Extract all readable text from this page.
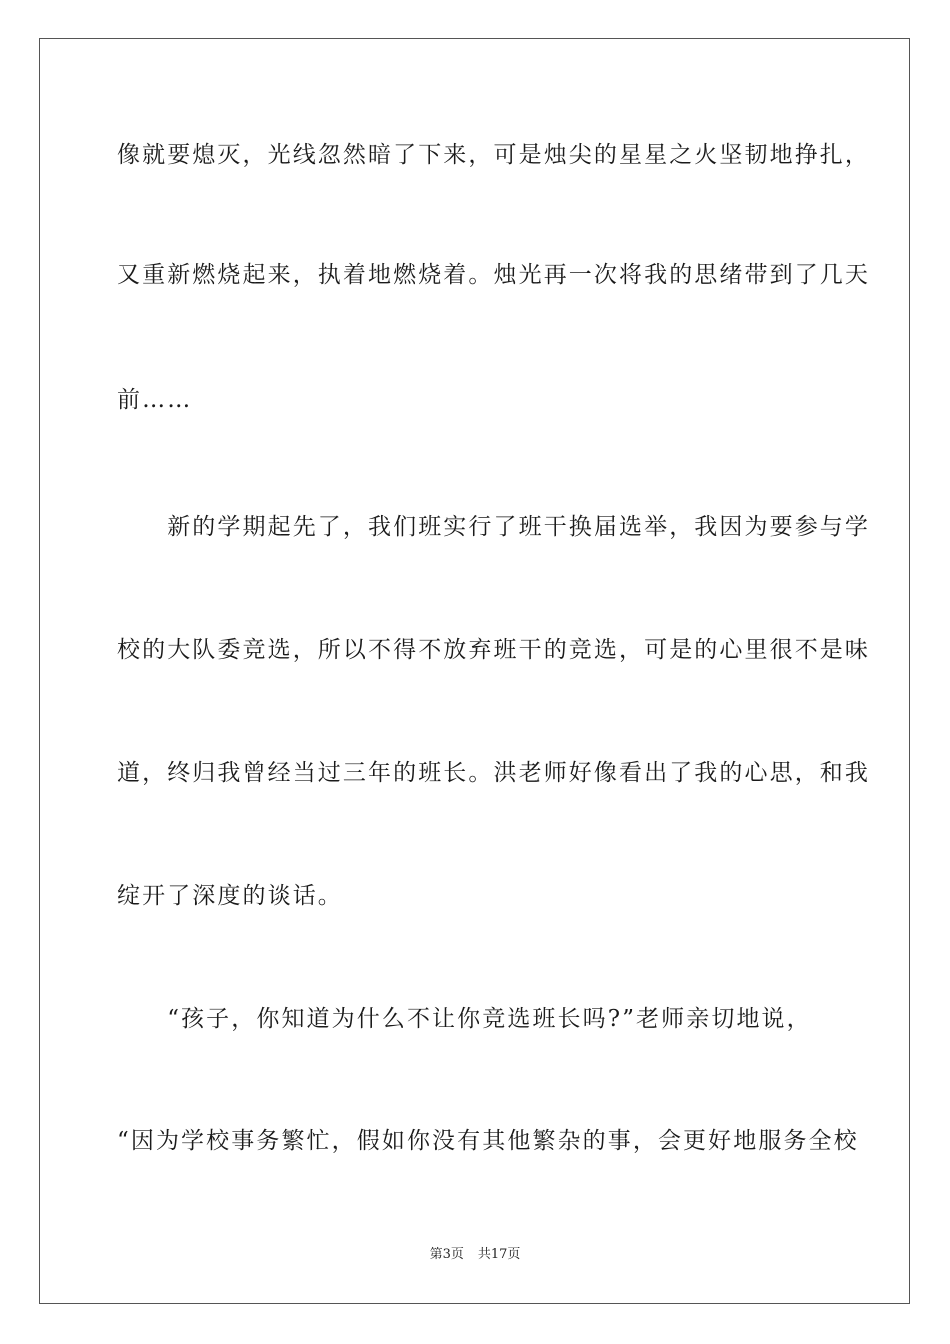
像就要熄灭，光线忽然暗了下来，可是烛尖的星星之火坚韧地挣扎，
又重新燃烧起来，执着地燃烧着。烛光再一次将我的思绪带到了几天
前……
　　新的学期起先了，我们班实行了班干换届选举，我因为要参与学
校的大队委竞选，所以不得不放弃班干的竞选，可是的心里很不是味
道，终归我曾经当过三年的班长。洪老师好像看出了我的心思，和我
绽开了深度的谈话。
　　“孩子，你知道为什么不让你竞选班长吗?”老师亲切地说，
“因为学校事务繁忙，假如你没有其他繁杂的事，会更好地服务全校
第3页 共17页
